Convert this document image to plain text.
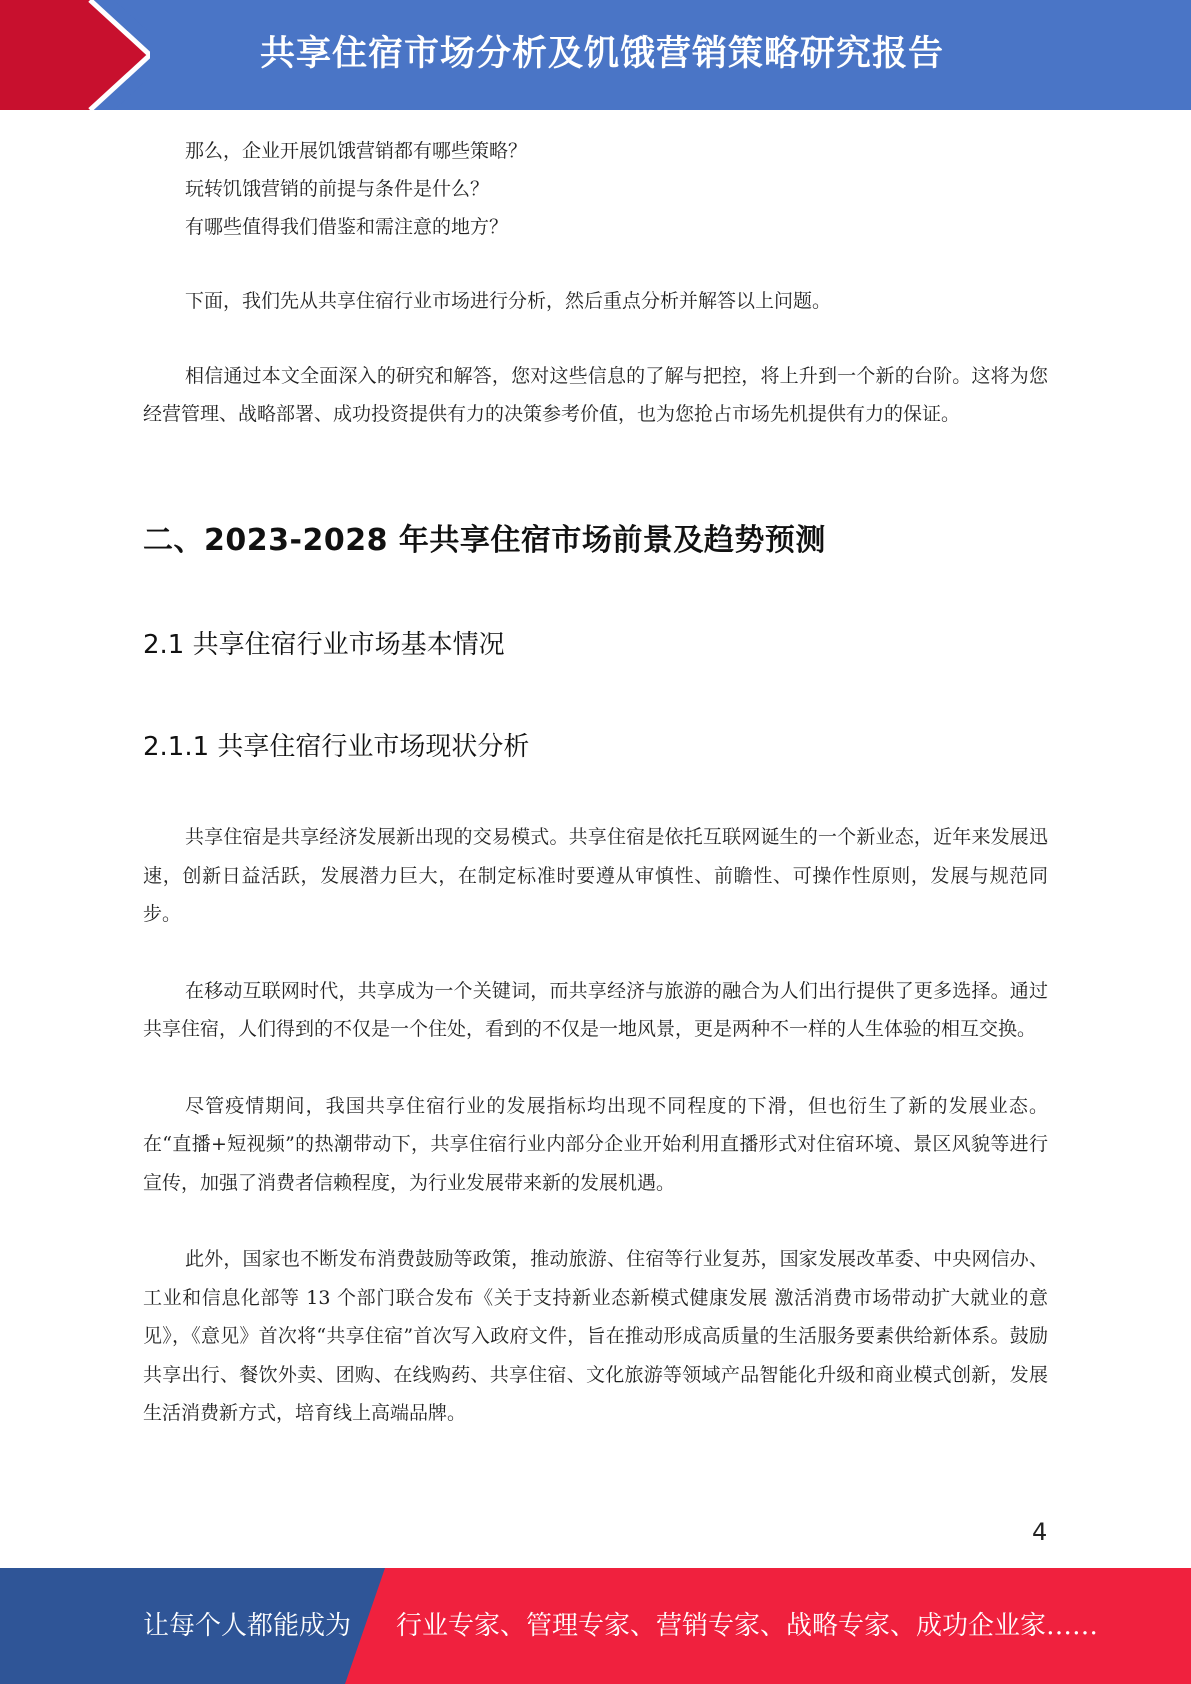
共享住宿市场分析及饥饿营销策略研究报告
那么，企业开展饥饿营销都有哪些策略？
玩转饥饿营销的前提与条件是什么？
有哪些值得我们借鉴和需注意的地方？
下面，我们先从共享住宿行业市场进行分析，然后重点分析并解答以上问题。
相信通过本文全面深入的研究和解答，您对这些信息的了解与把控，将上升到一个新的台阶。这将为您经营管理、战略部署、成功投资提供有力的决策参考价值，也为您抢占市场先机提供有力的保证。
二、2023-2028 年共享住宿市场前景及趋势预测
2.1 共享住宿行业市场基本情况
2.1.1 共享住宿行业市场现状分析
共享住宿是共享经济发展新出现的交易模式。共享住宿是依托互联网诞生的一个新业态，近年来发展迅速，创新日益活跃，发展潜力巨大，在制定标准时要遵从审慎性、前瞻性、可操作性原则，发展与规范同步。
在移动互联网时代，共享成为一个关键词，而共享经济与旅游的融合为人们出行提供了更多选择。通过共享住宿，人们得到的不仅是一个住处，看到的不仅是一地风景，更是两种不一样的人生体验的相互交换。
尽管疫情期间，我国共享住宿行业的发展指标均出现不同程度的下滑，但也衍生了新的发展业态。在“直播+短视频”的热潮带动下，共享住宿行业内部分企业开始利用直播形式对住宿环境、景区风貌等进行宣传，加强了消费者信赖程度，为行业发展带来新的发展机遇。
此外，国家也不断发布消费鼓励等政策，推动旅游、住宿等行业复苏，国家发展改革委、中央网信办、工业和信息化部等 13 个部门联合发布《关于支持新业态新模式健康发展 激活消费市场带动扩大就业的意见》，《意见》首次将“共享住宿”首次写入政府文件，旨在推动形成高质量的生活服务要素供给新体系。鼓励共享出行、餐饮外卖、团购、在线购药、共享住宿、文化旅游等领域产品智能化升级和商业模式创新，发展生活消费新方式，培育线上高端品牌。
4
让每个人都能成为 行业专家、管理专家、营销专家、战略专家、成功企业家……
